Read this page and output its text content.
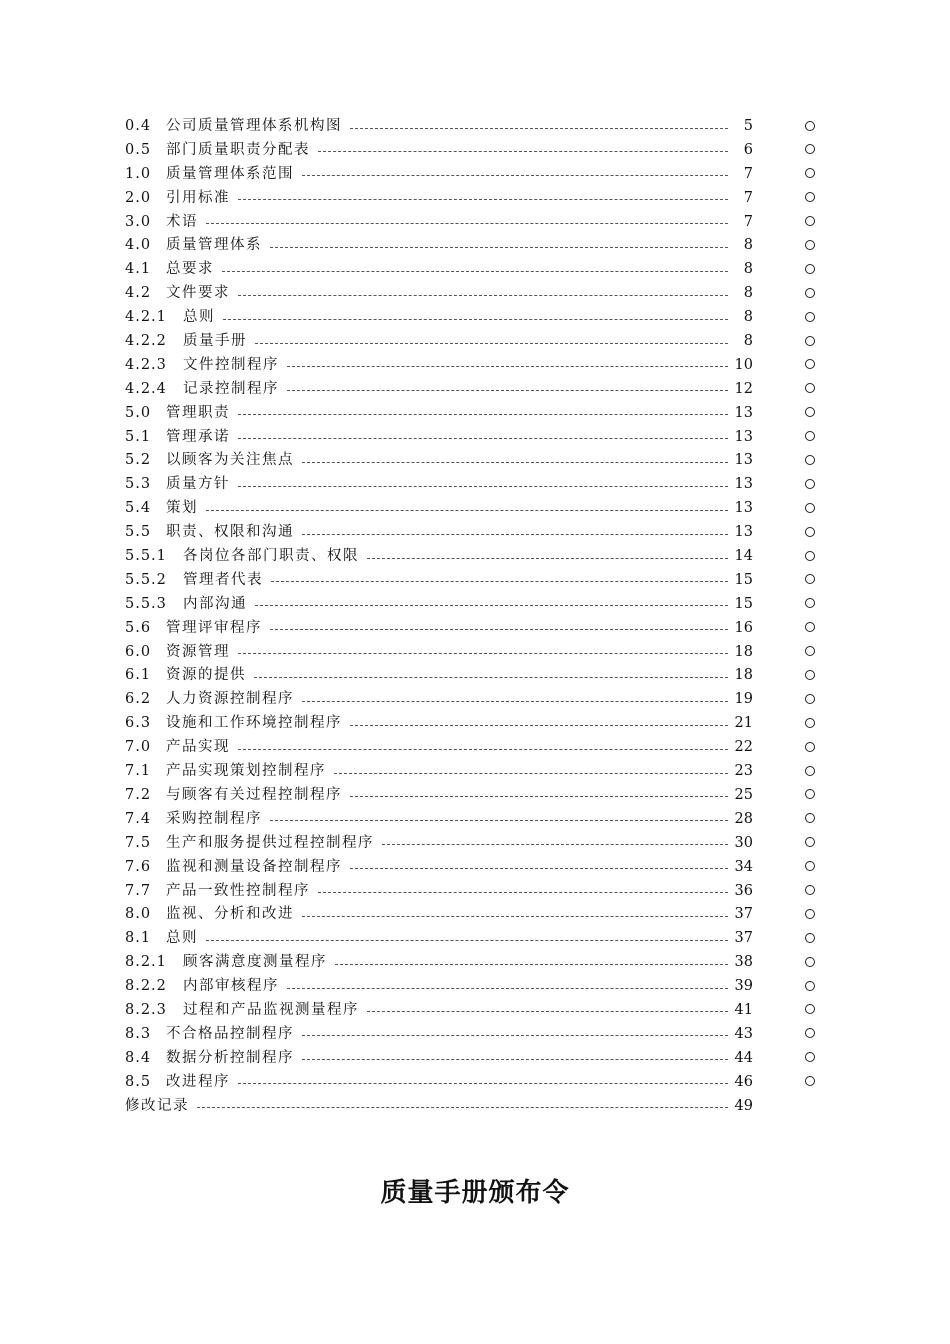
0.4 公司质量管理体系机构图	5
0.5 部门质量职责分配表	6
1.0 质量管理体系范围	7
2.0 引用标准	7
3.0 术语	7
4.0 质量管理体系	8
4.1 总要求	8
4.2 文件要求	8
4.2.1 总则	8
4.2.2 质量手册	8
4.2.3 文件控制程序	10
4.2.4 记录控制程序	12
5.0 管理职责	13
5.1 管理承诺	13
5.2 以顾客为关注焦点	13
5.3 质量方针	13
5.4 策划	13
5.5 职责、权限和沟通	13
5.5.1 各岗位各部门职责、权限	14
5.5.2 管理者代表	15
5.5.3 内部沟通	15
5.6 管理评审程序	16
6.0 资源管理	18
6.1 资源的提供	18
6.2 人力资源控制程序	19
6.3 设施和工作环境控制程序	21
7.0 产品实现	22
7.1 产品实现策划控制程序	23
7.2 与顾客有关过程控制程序	25
7.4 采购控制程序	28
7.5 生产和服务提供过程控制程序	30
7.6 监视和测量设备控制程序	34
7.7 产品一致性控制程序	36
8.0 监视、分析和改进	37
8.1 总则	37
8.2.1 顾客满意度测量程序	38
8.2.2 内部审核程序	39
8.2.3 过程和产品监视测量程序	41
8.3 不合格品控制程序	43
8.4 数据分析控制程序	44
8.5 改进程序	46
修改记录	49
质量手册颁布令
